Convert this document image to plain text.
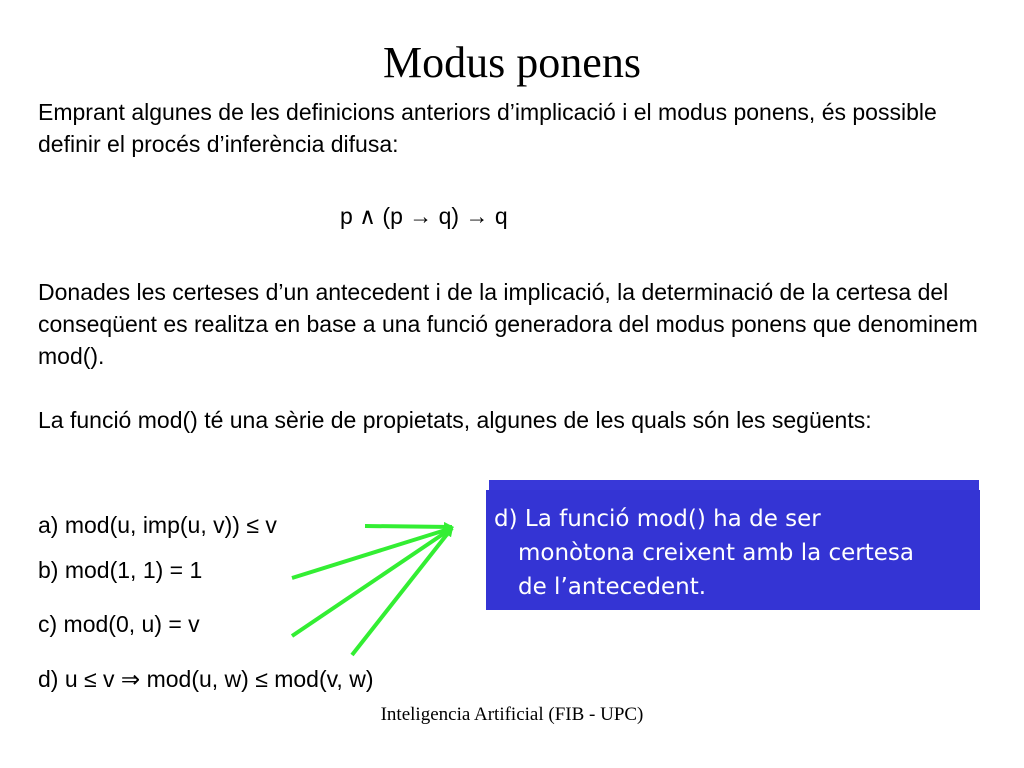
Modus ponens
Emprant algunes de les definicions anteriors d’implicació i el modus ponens, és possible definir el procés d’inferència difusa:
p ∧ (p → q) → q
Donades les certeses d’un antecedent i de la implicació, la determinació de la certesa del conseqüent es realitza en base a una funció generadora del modus ponens que denominem mod().
La funció mod() té una sèrie de propietats, algunes de les quals són les següents:
a) mod(u, imp(u, v)) ≤ v
b) mod(1, 1) = 1
c) mod(0, u) = v
d) u ≤ v ⇒ mod(u, w) ≤ mod(v, w)
d) La funció mod() ha de ser
monòtona creixent amb la certesa
de l’antecedent.
Inteligencia Artificial (FIB - UPC)
